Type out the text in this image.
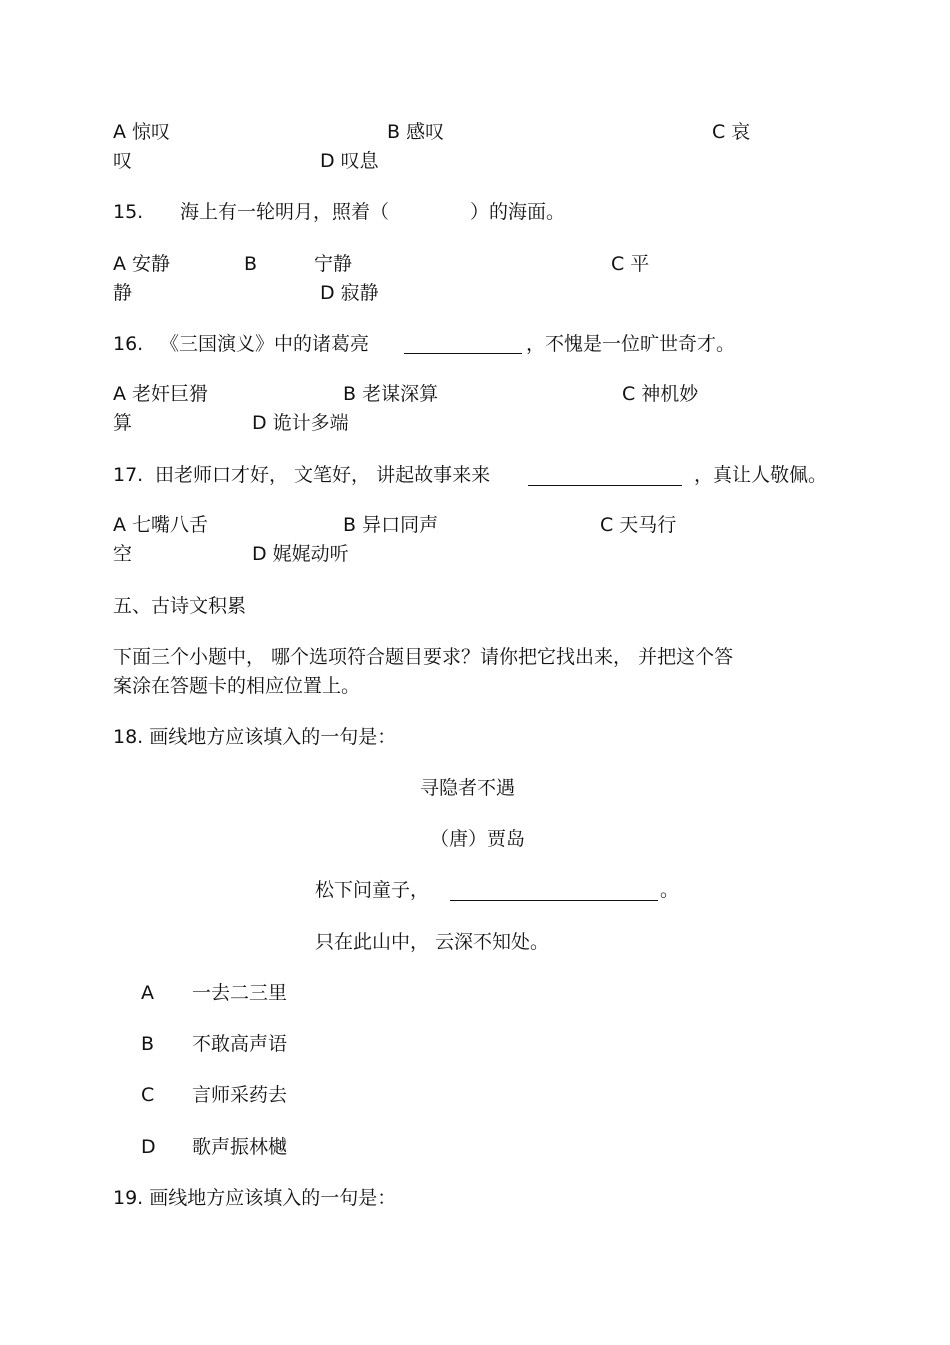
A 惊叹	B 感叹	C 哀
叹	D 叹息
15. 海上有一轮明月，照着（	）的海面。
A 安静	B	宁静	C 平
静	D 寂静
16. 《三国演义》中的诸葛亮	，不愧是一位旷世奇才。
A 老奸巨猾	B 老谋深算	C 神机妙
算	D 诡计多端
17. 田老师口才好， 文笔好， 讲起故事来来	，真让人敬佩。
A 七嘴八舌	B 异口同声	C 天马行
空	D 娓娓动听
五、古诗文积累
下面三个小题中， 哪个选项符合题目要求？请你把它找出来， 并把这个答
案涂在答题卡的相应位置上。
18. 画线地方应该填入的一句是：
寻隐者不遇
（唐）贾岛
松下问童子，	。
只在此山中， 云深不知处。
A 一去二三里
B 不敢高声语
C 言师采药去
D 歌声振林樾
19. 画线地方应该填入的一句是：
